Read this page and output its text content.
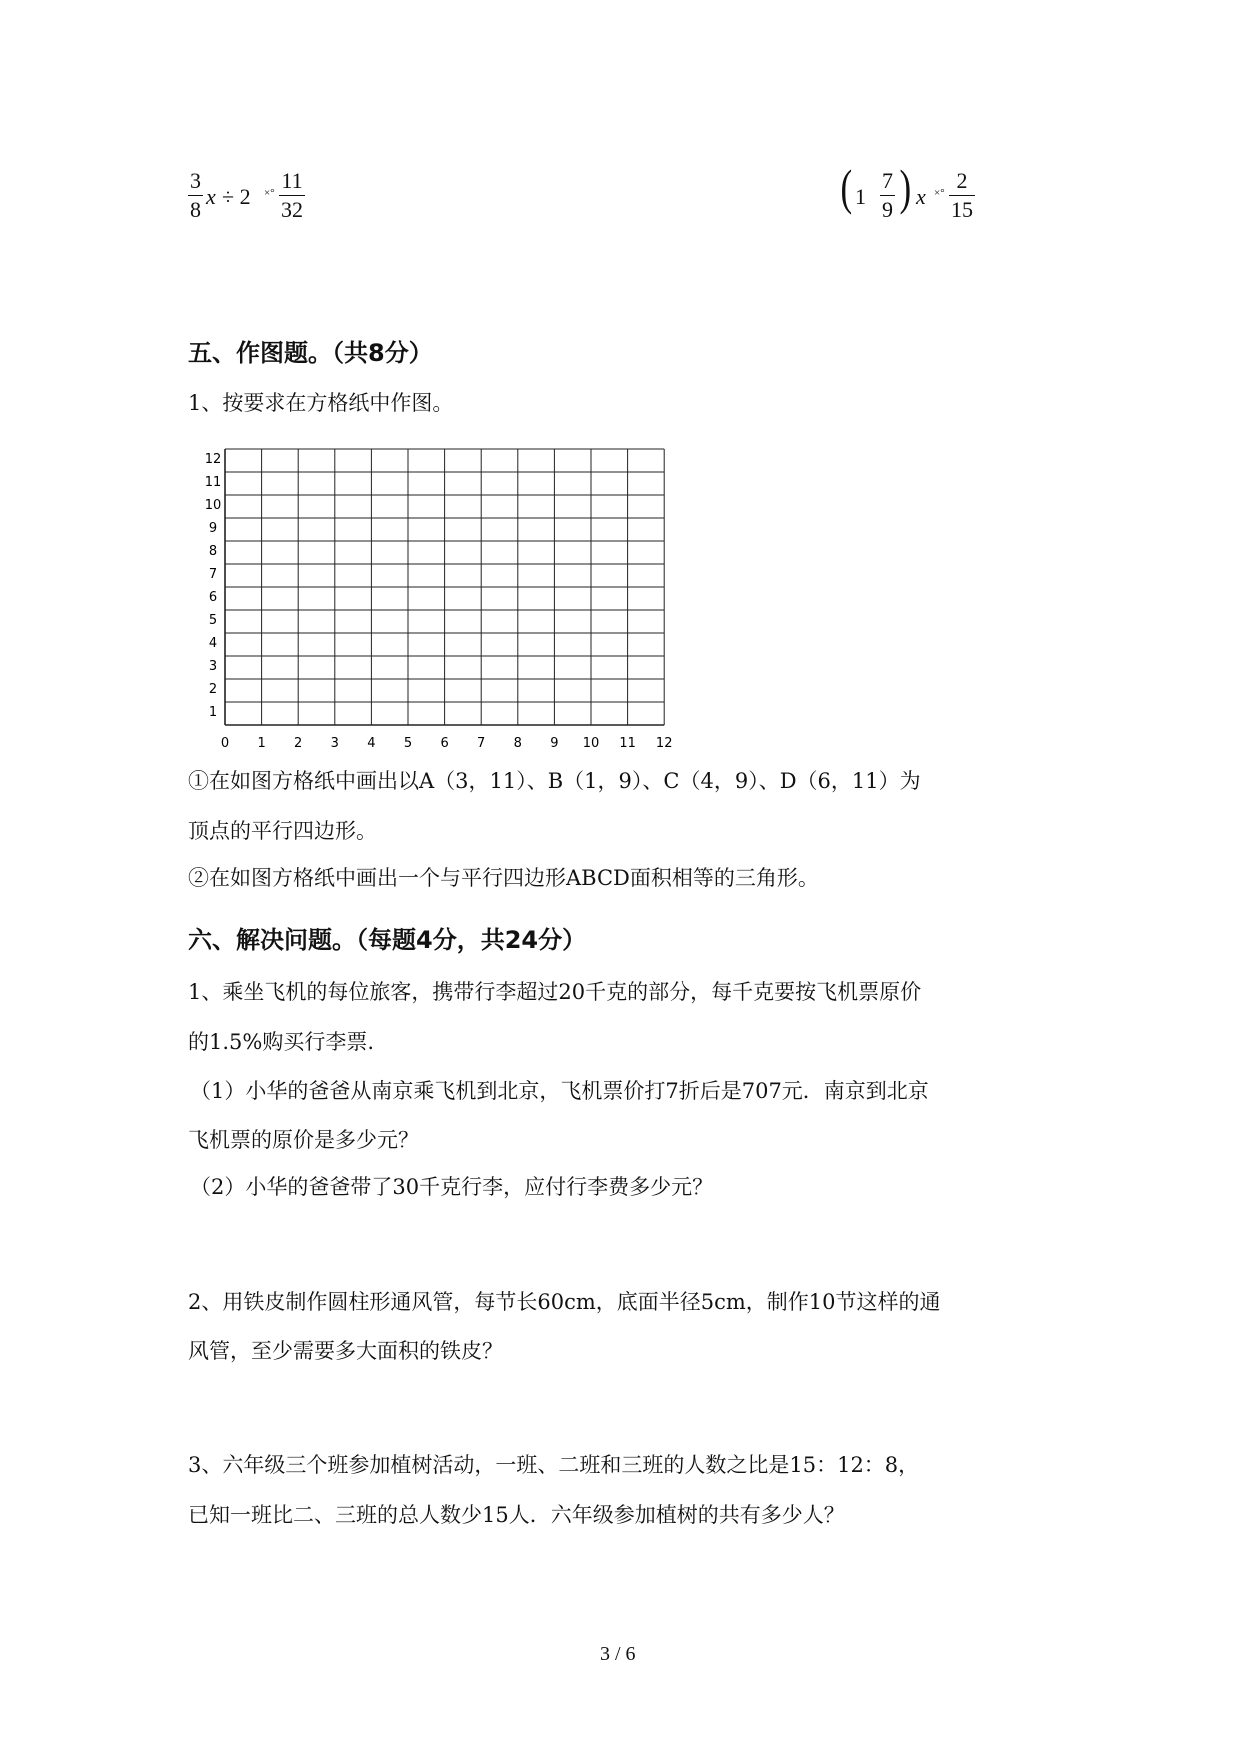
$\frac{3}{8}$ x ÷ 2 ×° $\frac{11}{32}$	( $1 \frac{7}{9}$ ) x ×° $\frac{2}{15}$
五、作图题。（共8分）
1、按要求在方格纸中作图。
1
2
3
4
5
6
7
8
9
10
11
12
0 1 2 3 4 5 6 7 8 9 10 11 12
①在如图方格纸中画出以A（3，11）、B（1，9）、C（4，9）、D（6，11）为
顶点的平行四边形。
②在如图方格纸中画出一个与平行四边形ABCD面积相等的三角形。
六、解决问题。（每题4分，共24分）
1、乘坐飞机的每位旅客，携带行李超过20千克的部分，每千克要按飞机票原价
的1.5%购买行李票.
（1）小华的爸爸从南京乘飞机到北京，飞机票价打7折后是707元．南京到北京
飞机票的原价是多少元？
（2）小华的爸爸带了30千克行李，应付行李费多少元？
2、用铁皮制作圆柱形通风管，每节长60cm，底面半径5cm，制作10节这样的通
风管，至少需要多大面积的铁皮？
3、六年级三个班参加植树活动，一班、二班和三班的人数之比是15：12：8，
已知一班比二、三班的总人数少15人．六年级参加植树的共有多少人？
3 / 6
